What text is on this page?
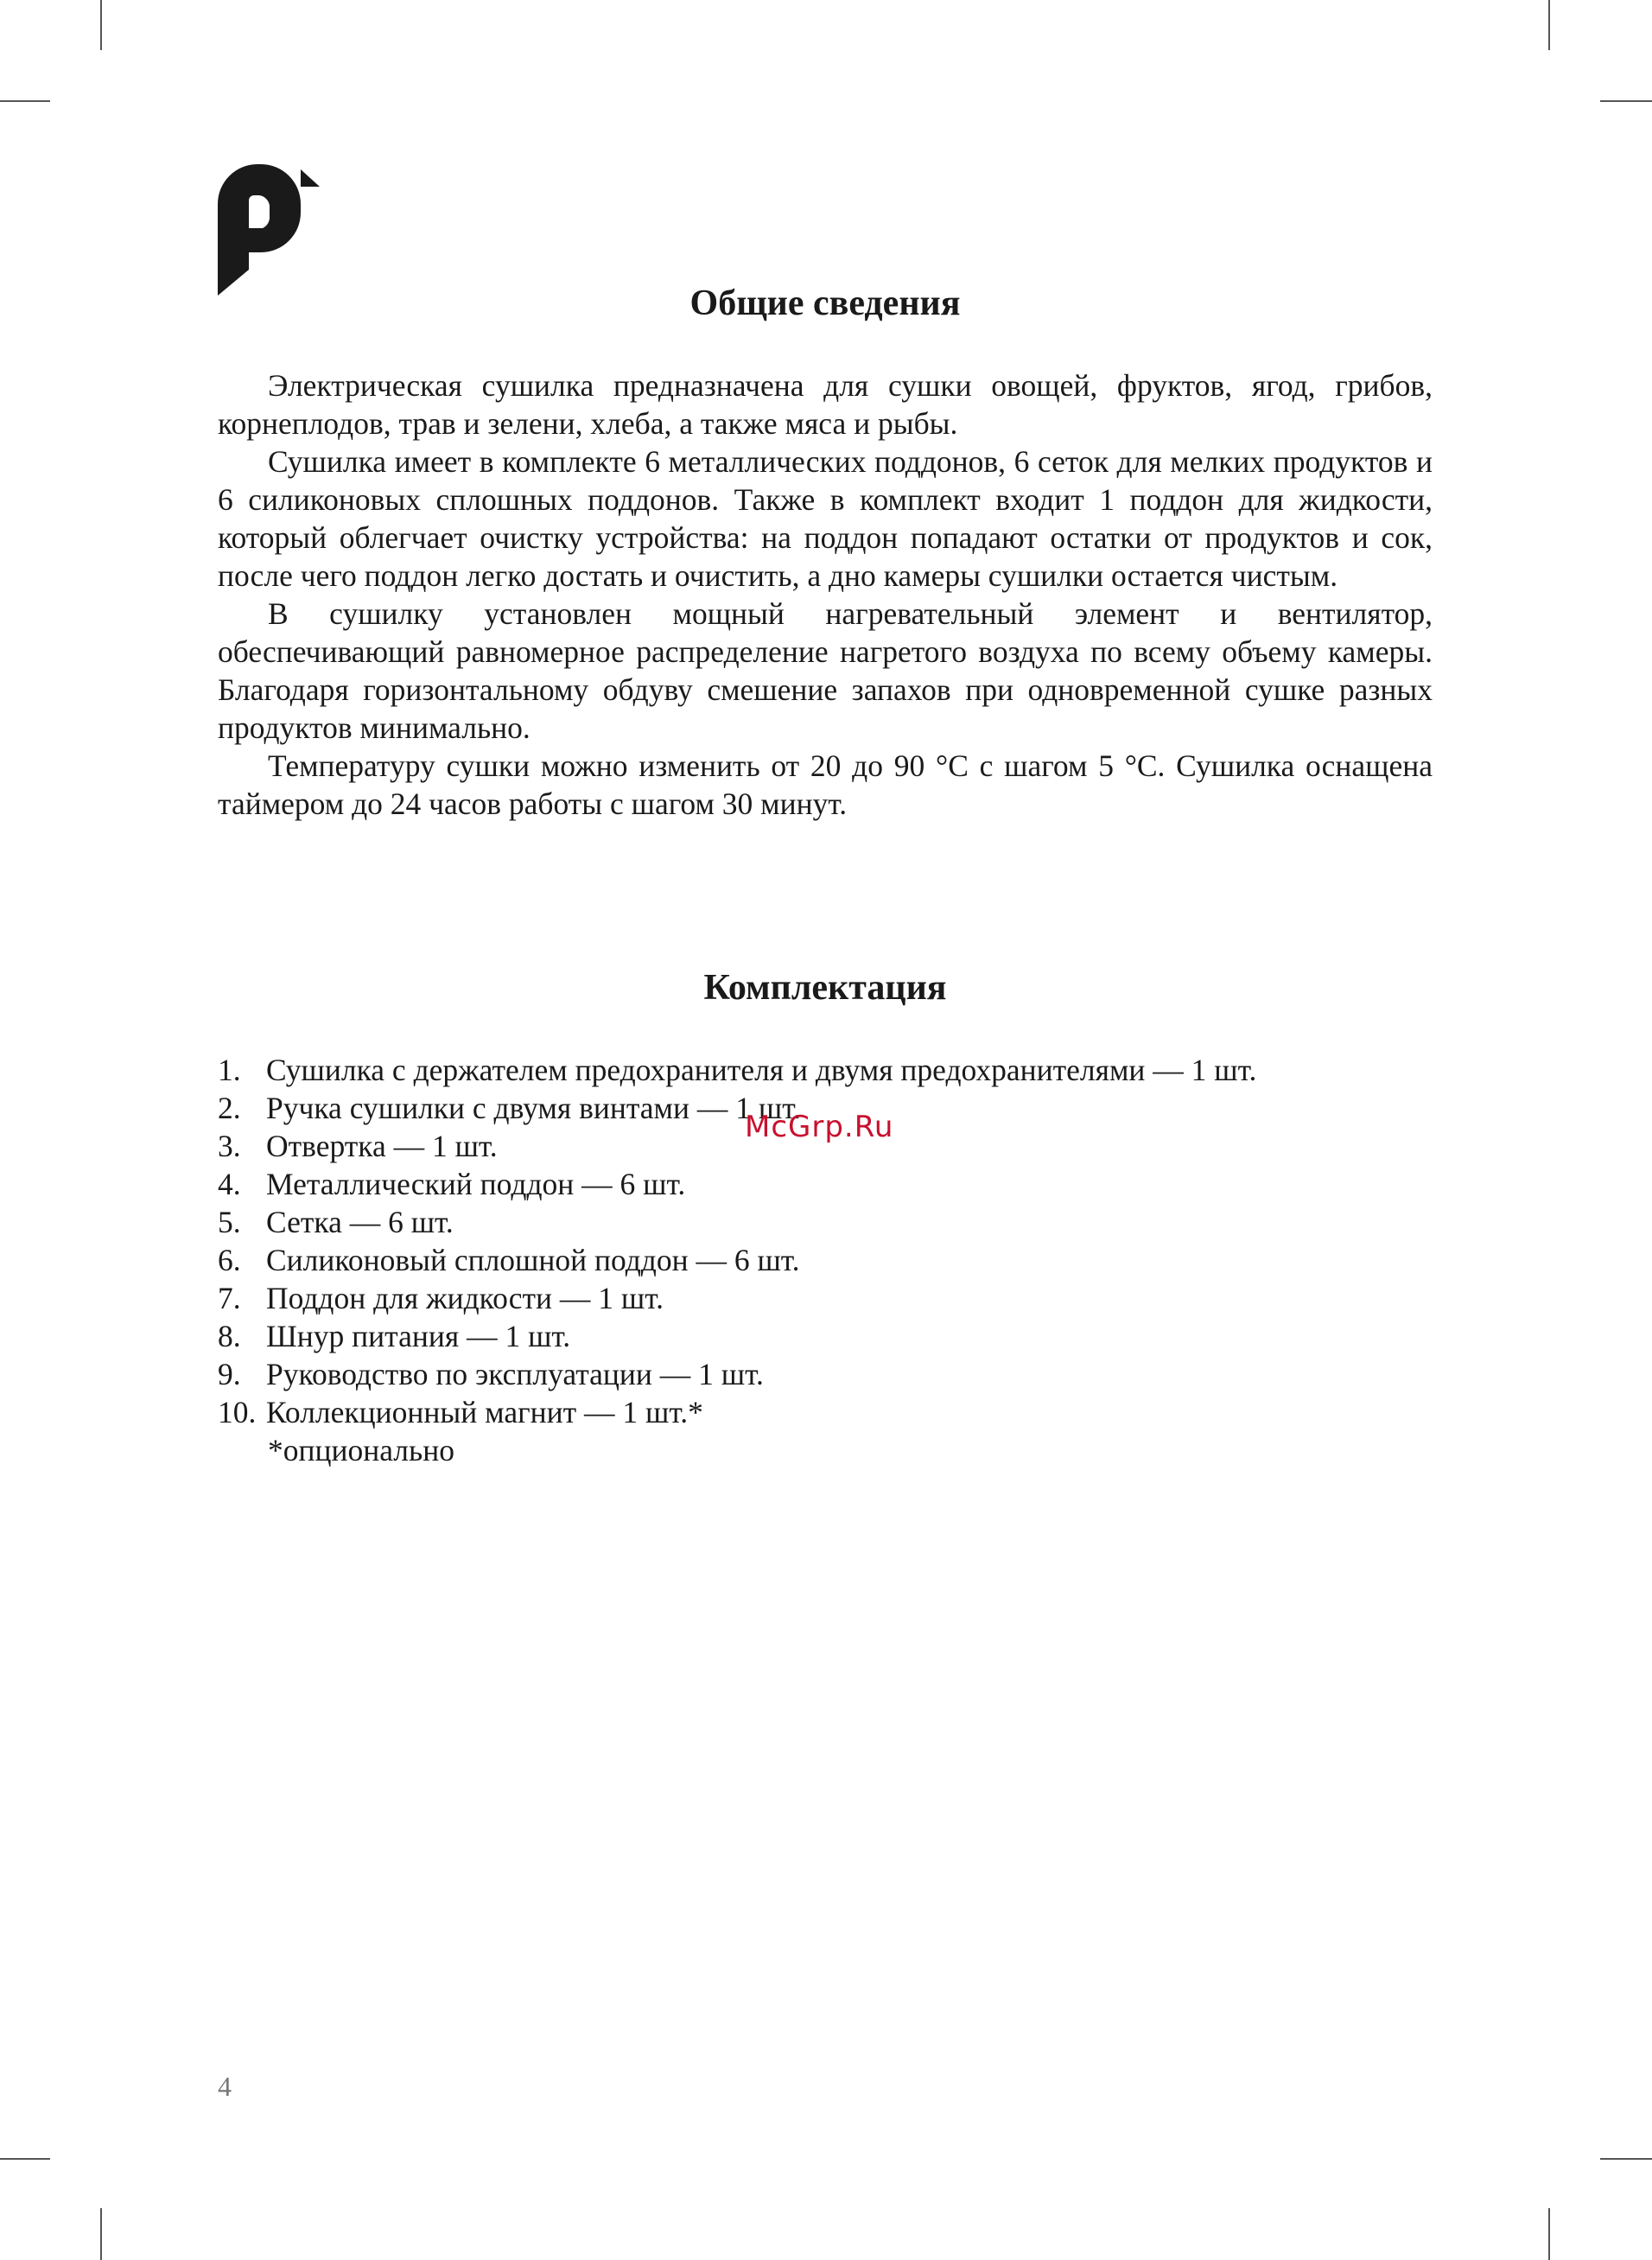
Общие сведения

Электрическая сушилка предназначена для сушки овощей, фруктов, ягод, грибов, корнеплодов, трав и зелени, хлеба, а также мяса и рыбы.

Сушилка имеет в комплекте 6 металлических поддонов, 6 сеток для мелких продуктов и 6 силиконовых сплошных поддонов. Также в комплект входит 1 поддон для жидкости, который облегчает очистку устройства: на поддон попадают остатки от продуктов и сок, после чего поддон легко достать и очистить, а дно камеры сушилки остается чистым.

В сушилку установлен мощный нагревательный элемент и вентилятор, обеспечивающий равномерное распределение нагретого воздуха по всему объему камеры. Благодаря горизонтальному обдуву смешение запахов при одновременной сушке разных продуктов минимально.

Температуру сушки можно изменить от 20 до 90 °C с шагом 5 °C. Сушилка оснащена таймером до 24 часов работы с шагом 30 минут.

Комплектация
1. Сушилка с держателем предохранителя и двумя предохранителями — 1 шт.
2. Ручка сушилки с двумя винтами — 1 шт.
3. Отвертка — 1 шт.
4. Металлический поддон — 6 шт.
5. Сетка — 6 шт.
6. Силиконовый сплошной поддон — 6 шт.
7. Поддон для жидкости — 1 шт.
8. Шнур питания — 1 шт.
9. Руководство по эксплуатации — 1 шт.
10. Коллекционный магнит — 1 шт.*
*опционально
McGrp.Ru
4
